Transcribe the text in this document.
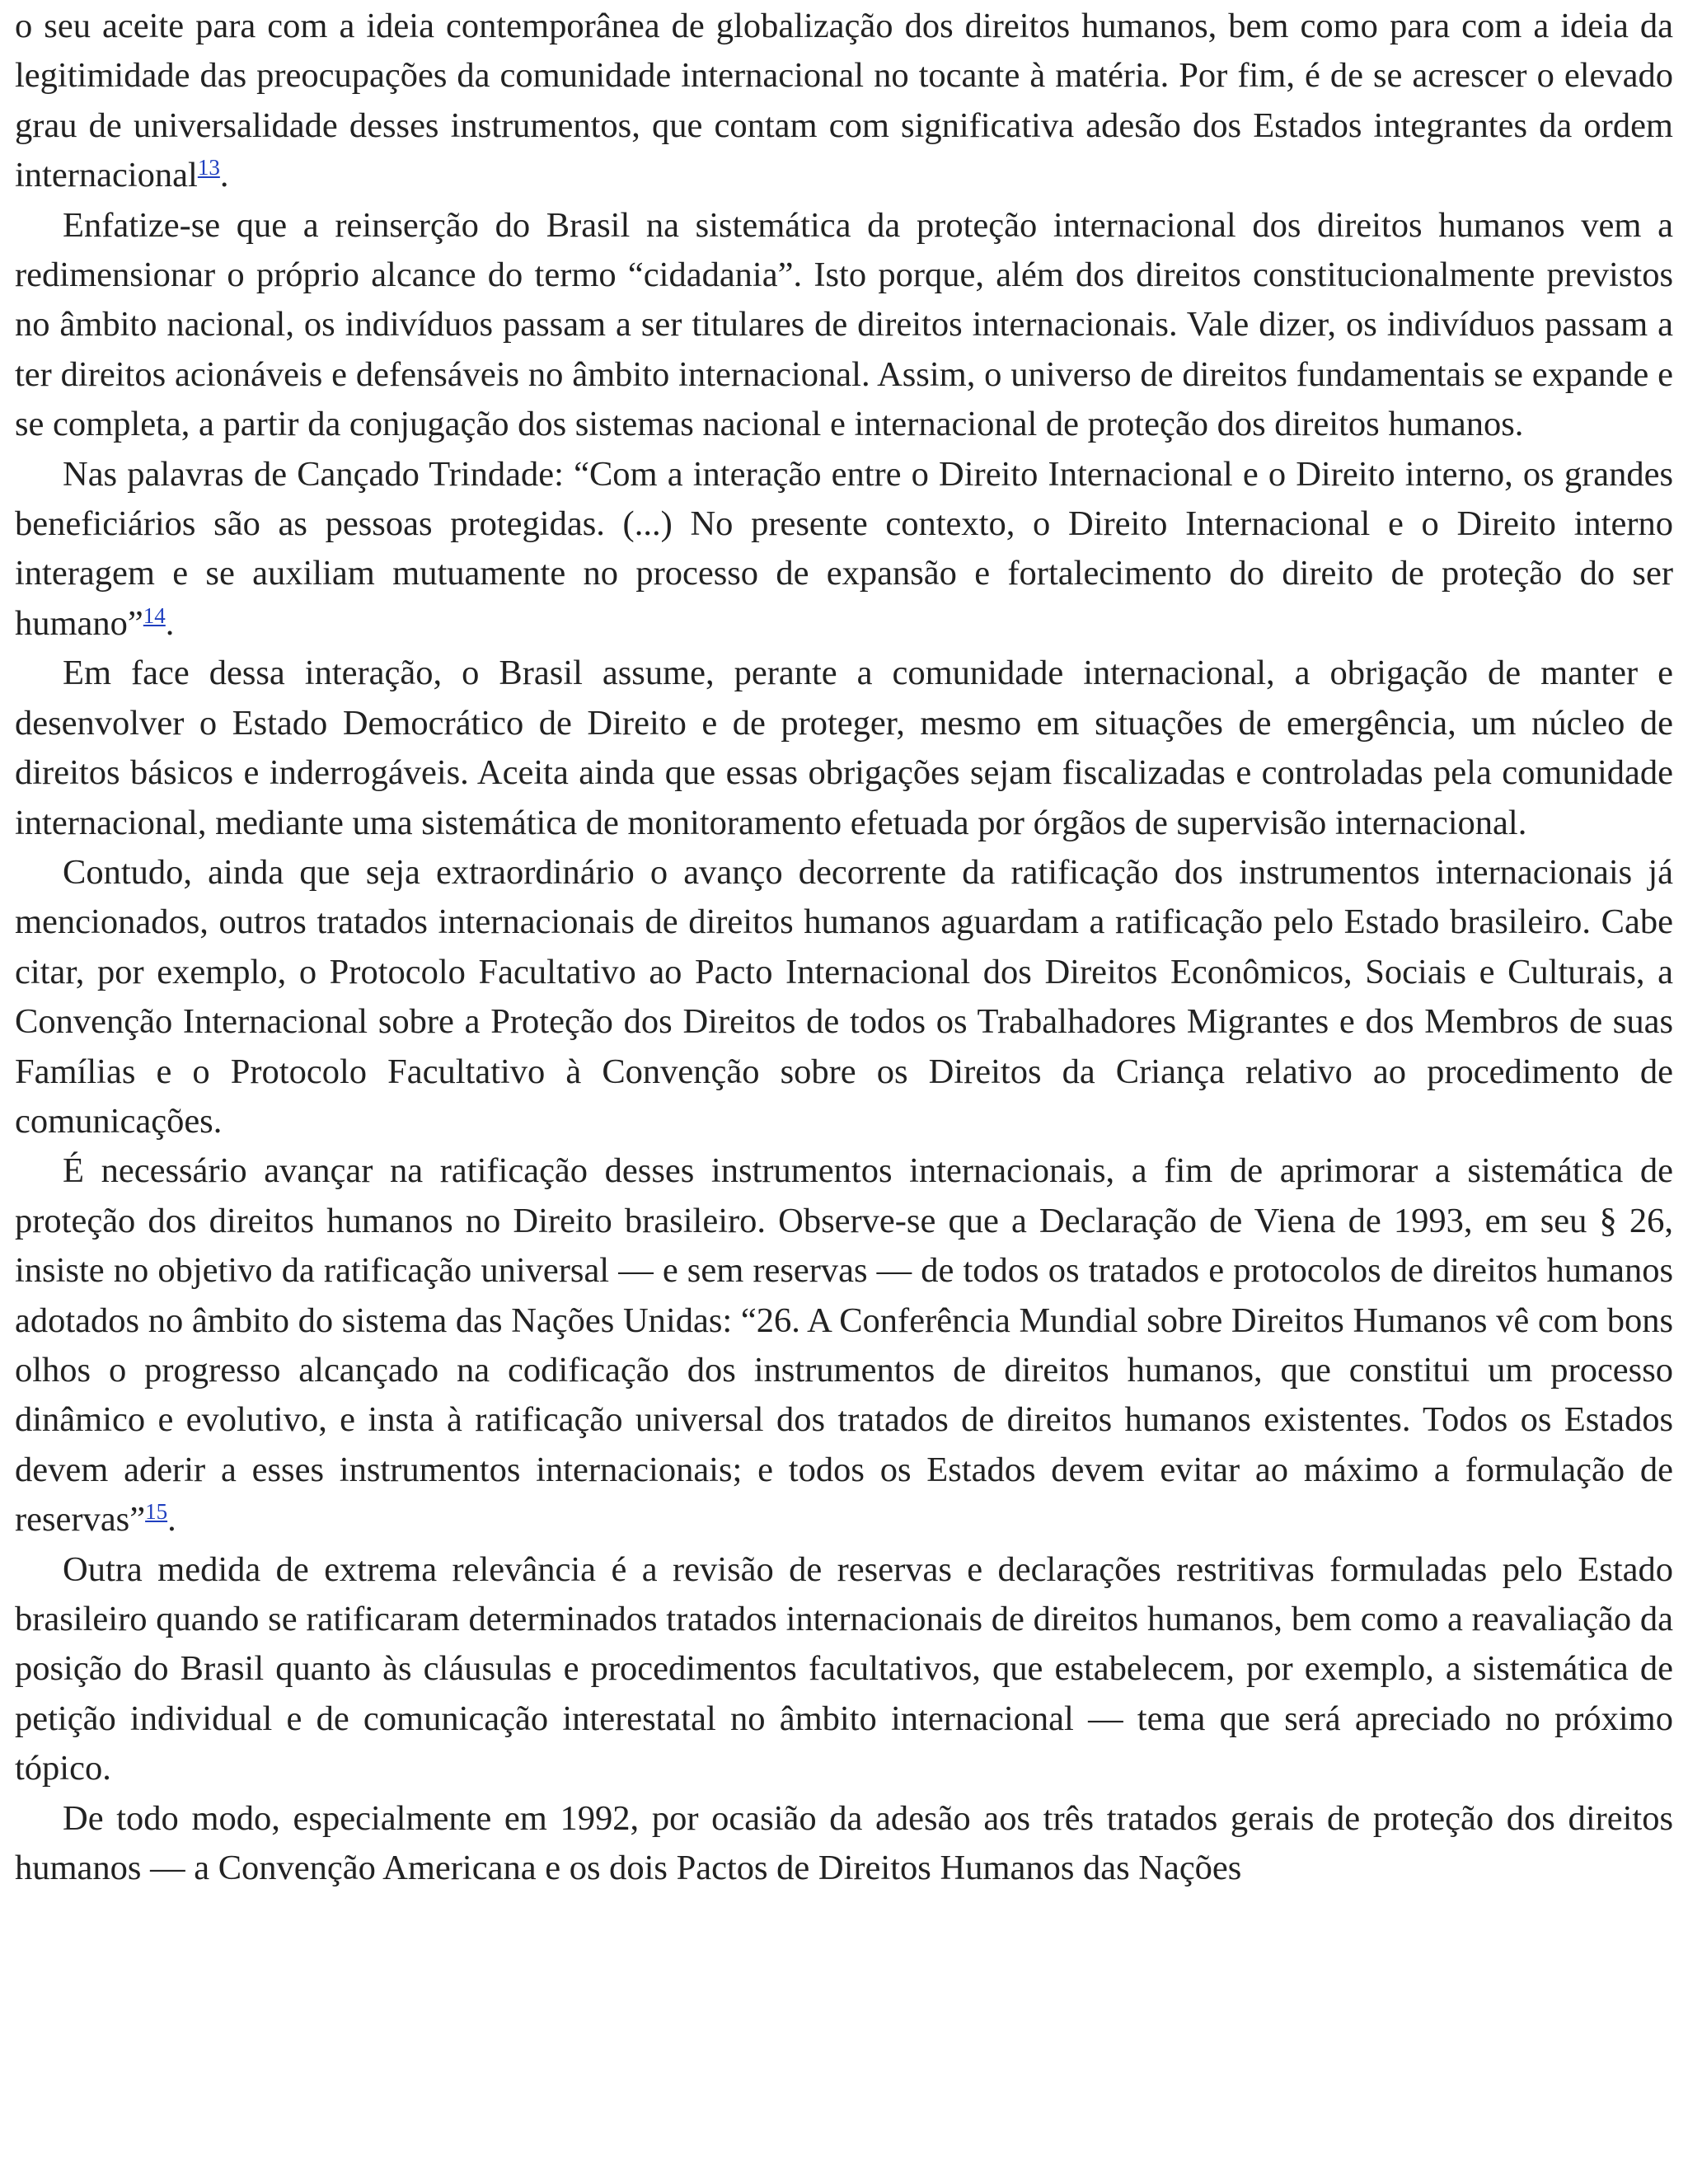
o seu aceite para com a ideia contemporânea de globalização dos direitos humanos, bem como para com a ideia da legitimidade das preocupações da comunidade internacional no tocante à matéria. Por fim, é de se acrescer o elevado grau de universalidade desses instrumentos, que contam com significativa adesão dos Estados integrantes da ordem internacional$^{13}$.

Enfatize-se que a reinserção do Brasil na sistemática da proteção internacional dos direitos humanos vem a redimensionar o próprio alcance do termo “cidadania”. Isto porque, além dos direitos constitucionalmente previstos no âmbito nacional, os indivíduos passam a ser titulares de direitos internacionais. Vale dizer, os indivíduos passam a ter direitos acionáveis e defensáveis no âmbito internacional. Assim, o universo de direitos fundamentais se expande e se completa, a partir da conjugação dos sistemas nacional e internacional de proteção dos direitos humanos.

Nas palavras de Cançado Trindade: “Com a interação entre o Direito Internacional e o Direito interno, os grandes beneficiários são as pessoas protegidas. (...) No presente contexto, o Direito Internacional e o Direito interno interagem e se auxiliam mutuamente no processo de expansão e fortalecimento do direito de proteção do ser humano”$^{14}$.

Em face dessa interação, o Brasil assume, perante a comunidade internacional, a obrigação de manter e desenvolver o Estado Democrático de Direito e de proteger, mesmo em situações de emergência, um núcleo de direitos básicos e inderrogáveis. Aceita ainda que essas obrigações sejam fiscalizadas e controladas pela comunidade internacional, mediante uma sistemática de monitoramento efetuada por órgãos de supervisão internacional.

Contudo, ainda que seja extraordinário o avanço decorrente da ratificação dos instrumentos internacionais já mencionados, outros tratados internacionais de direitos humanos aguardam a ratificação pelo Estado brasileiro. Cabe citar, por exemplo, o Protocolo Facultativo ao Pacto Internacional dos Direitos Econômicos, Sociais e Culturais, a Convenção Internacional sobre a Proteção dos Direitos de todos os Trabalhadores Migrantes e dos Membros de suas Famílias e o Protocolo Facultativo à Convenção sobre os Direitos da Criança relativo ao procedimento de comunicações.

É necessário avançar na ratificação desses instrumentos internacionais, a fim de aprimorar a sistemática de proteção dos direitos humanos no Direito brasileiro. Observe-se que a Declaração de Viena de 1993, em seu § 26, insiste no objetivo da ratificação universal — e sem reservas — de todos os tratados e protocolos de direitos humanos adotados no âmbito do sistema das Nações Unidas: “26. A Conferência Mundial sobre Direitos Humanos vê com bons olhos o progresso alcançado na codificação dos instrumentos de direitos humanos, que constitui um processo dinâmico e evolutivo, e insta à ratificação universal dos tratados de direitos humanos existentes. Todos os Estados devem aderir a esses instrumentos internacionais; e todos os Estados devem evitar ao máximo a formulação de reservas”$^{15}$.

Outra medida de extrema relevância é a revisão de reservas e declarações restritivas formuladas pelo Estado brasileiro quando se ratificaram determinados tratados internacionais de direitos humanos, bem como a reavaliação da posição do Brasil quanto às cláusulas e procedimentos facultativos, que estabelecem, por exemplo, a sistemática de petição individual e de comunicação interestatal no âmbito internacional — tema que será apreciado no próximo tópico.

De todo modo, especialmente em 1992, por ocasião da adesão aos três tratados gerais de proteção dos direitos humanos — a Convenção Americana e os dois Pactos de Direitos Humanos das Nações
